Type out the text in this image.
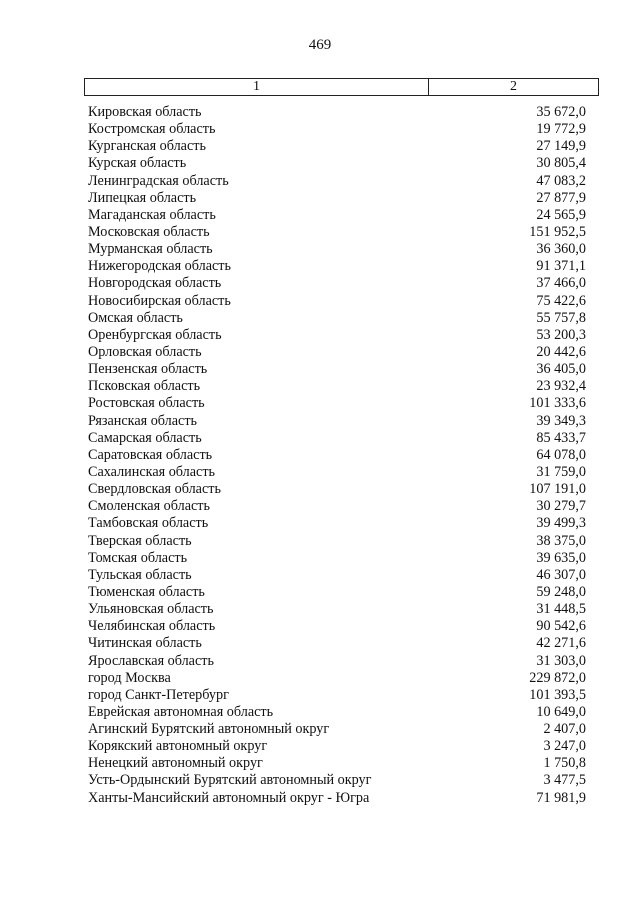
469
1	2
Кировская область	35 672,0
Костромская область	19 772,9
Курганская область	27 149,9
Курская область	30 805,4
Ленинградская область	47 083,2
Липецкая область	27 877,9
Магаданская область	24 565,9
Московская область	151 952,5
Мурманская область	36 360,0
Нижегородская область	91 371,1
Новгородская область	37 466,0
Новосибирская область	75 422,6
Омская область	55 757,8
Оренбургская область	53 200,3
Орловская область	20 442,6
Пензенская область	36 405,0
Псковская область	23 932,4
Ростовская область	101 333,6
Рязанская область	39 349,3
Самарская область	85 433,7
Саратовская область	64 078,0
Сахалинская область	31 759,0
Свердловская область	107 191,0
Смоленская область	30 279,7
Тамбовская область	39 499,3
Тверская область	38 375,0
Томская область	39 635,0
Тульская область	46 307,0
Тюменская область	59 248,0
Ульяновская область	31 448,5
Челябинская область	90 542,6
Читинская область	42 271,6
Ярославская область	31 303,0
город Москва	229 872,0
город Санкт-Петербург	101 393,5
Еврейская автономная область	10 649,0
Агинский Бурятский автономный округ	2 407,0
Корякский автономный округ	3 247,0
Ненецкий автономный округ	1 750,8
Усть-Ордынский Бурятский автономный округ	3 477,5
Ханты-Мансийский автономный округ - Югра	71 981,9
